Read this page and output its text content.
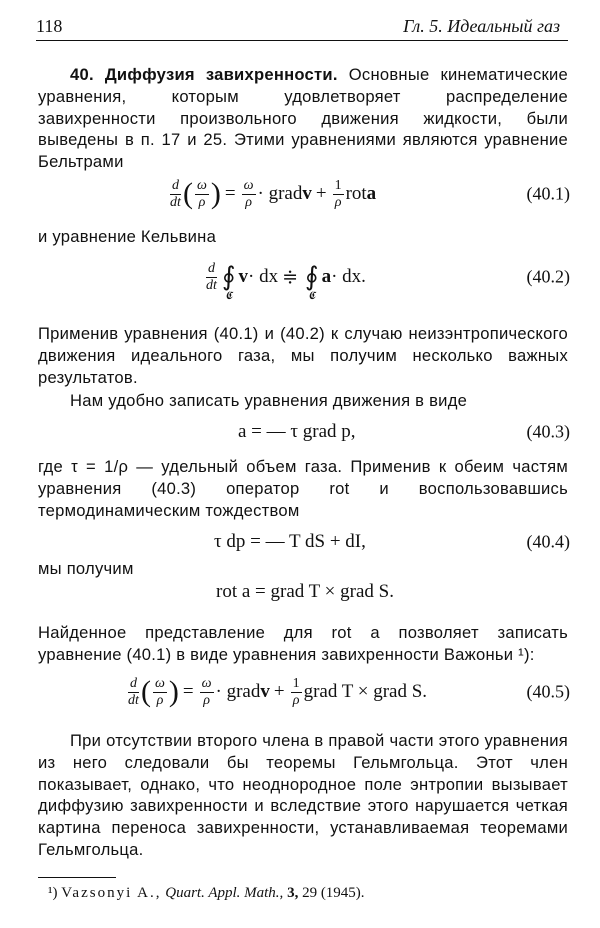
118	Гл. 5. Идеальный газ
40. Диффузия завихренности. Основные кинематические уравнения, которым удовлетворяет распределение завихренности произвольного движения жидкости, были выведены в п. 17 и 25. Этими уравнениями являются уравнение Бельтрами
$\frac{d}{dt}$ ( $\frac{\omega}{\rho}$ ) = $\frac{\omega}{\rho}$ · grad $v + \frac{1}{\rho}$ rot a	(40.1)
и уравнение Кельвина
$\frac{d}{dt}$ ∮
𝕮
v · dx ≑ ∮
𝕮
a · dx.	(40.2)
Применив уравнения (40.1) и (40.2) к случаю неизэнтропического движения идеального газа, мы получим несколько важных результатов.
Нам удобно записать уравнения движения в виде
a = — τ grad p,	(40.3)
где τ = 1/ρ — удельный объем газа. Применив к обеим частям уравнения (40.3) оператор rot и воспользовавшись термодинамическим тождеством
τ dp = — T dS + dI,	(40.4)
мы получим
rot a = grad T × grad S.
Найденное представление для rot a позволяет записать уравнение (40.1) в виде уравнения завихренности Важоньи ¹):
$\frac{d}{dt}$ ( $\frac{\omega}{\rho}$ ) = $\frac{\omega}{\rho}$ · grad $v + \frac{1}{\rho}$ grad T × grad S.	(40.5)
При отсутствии второго члена в правой части этого уравнения из него следовали бы теоремы Гельмгольца. Этот член показывает, однако, что неоднородное поле энтропии вызывает диффузию завихренности и вследствие этого нарушается четкая картина переноса завихренности, устанавливаемая теоремами Гельмгольца.
¹) Vazsonyi A., Quart. Appl. Math., 3, 29 (1945).
